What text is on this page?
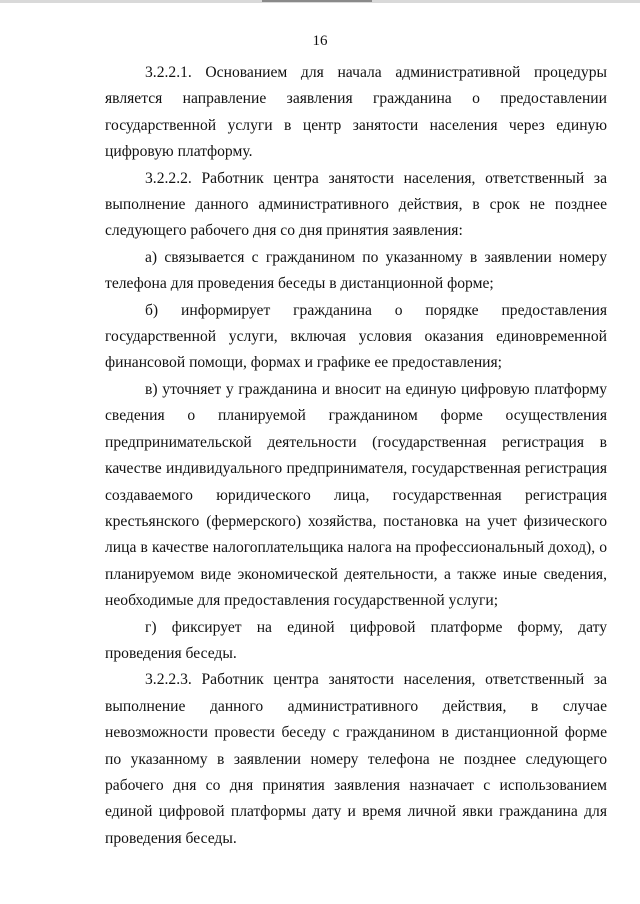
16

3.2.2.1. Основанием для начала административной процедуры является направление заявления гражданина о предоставлении государственной услуги в центр занятости населения через единую цифровую платформу.

3.2.2.2. Работник центра занятости населения, ответственный за выполнение данного административного действия, в срок не позднее следующего рабочего дня со дня принятия заявления:

а) связывается с гражданином по указанному в заявлении номеру телефона для проведения беседы в дистанционной форме;

б) информирует гражданина о порядке предоставления государственной услуги, включая условия оказания единовременной финансовой помощи, формах и графике ее предоставления;

в) уточняет у гражданина и вносит на единую цифровую платформу сведения о планируемой гражданином форме осуществления предпринимательской деятельности (государственная регистрация в качестве индивидуального предпринимателя, государственная регистрация создаваемого юридического лица, государственная регистрация крестьянского (фермерского) хозяйства, постановка на учет физического лица в качестве налогоплательщика налога на профессиональный доход), о планируемом виде экономической деятельности, а также иные сведения, необходимые для предоставления государственной услуги;

г) фиксирует на единой цифровой платформе форму, дату проведения беседы.

3.2.2.3. Работник центра занятости населения, ответственный за выполнение данного административного действия, в случае невозможности провести беседу с гражданином в дистанционной форме по указанному в заявлении номеру телефона не позднее следующего рабочего дня со дня принятия заявления назначает с использованием единой цифровой платформы дату и время личной явки гражданина для проведения беседы.
